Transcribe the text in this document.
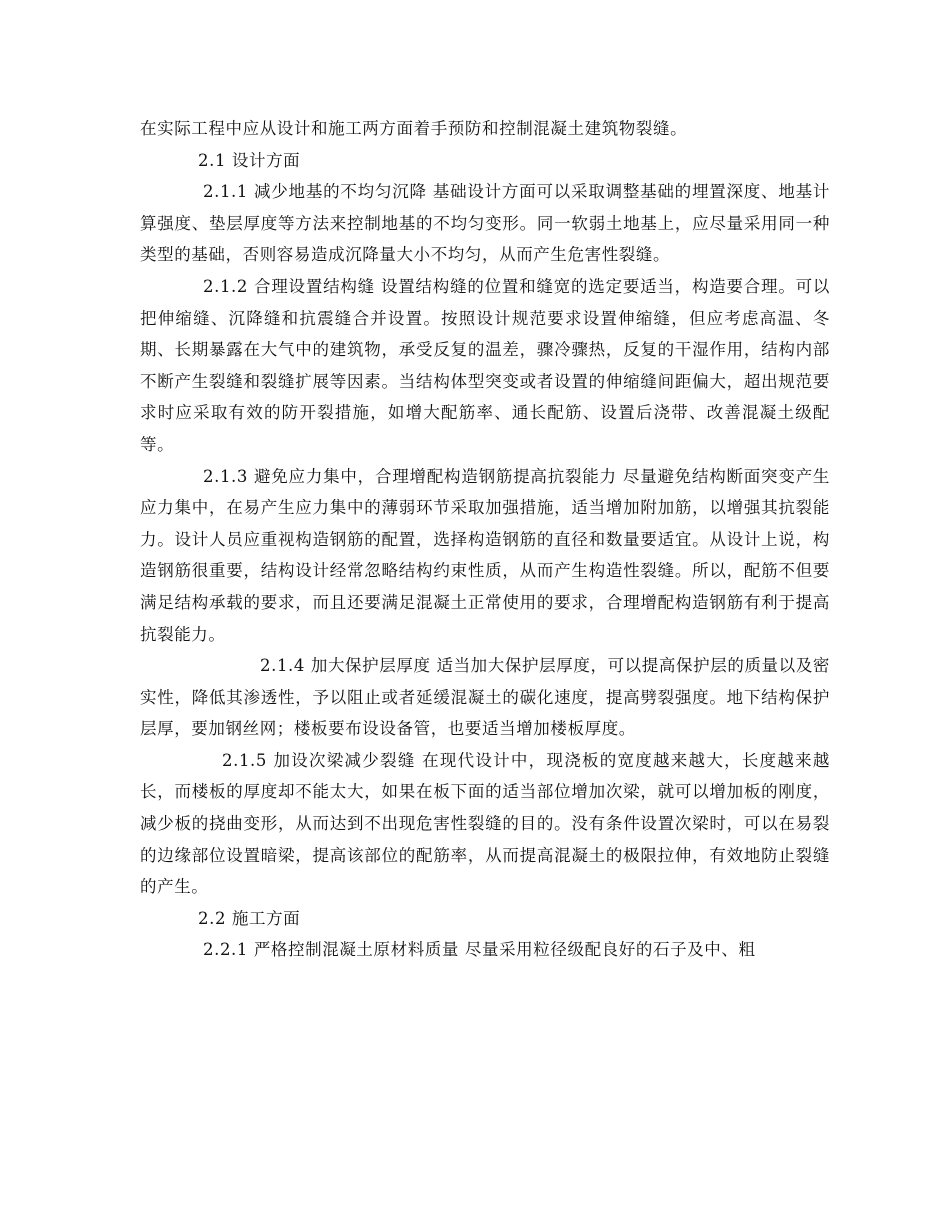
在实际工程中应从设计和施工两方面着手预防和控制混凝土建筑物裂缝。

2.1 设计方面

2.1.1 减少地基的不均匀沉降 基础设计方面可以采取调整基础的埋置深度、地基计算强度、垫层厚度等方法来控制地基的不均匀变形。同一软弱土地基上，应尽量采用同一种类型的基础，否则容易造成沉降量大小不均匀，从而产生危害性裂缝。

2.1.2 合理设置结构缝 设置结构缝的位置和缝宽的选定要适当，构造要合理。可以把伸缩缝、沉降缝和抗震缝合并设置。按照设计规范要求设置伸缩缝，但应考虑高温、冬期、长期暴露在大气中的建筑物，承受反复的温差，骤冷骤热，反复的干湿作用，结构内部不断产生裂缝和裂缝扩展等因素。当结构体型突变或者设置的伸缩缝间距偏大，超出规范要求时应采取有效的防开裂措施，如增大配筋率、通长配筋、设置后浇带、改善混凝土级配等。

2.1.3 避免应力集中，合理增配构造钢筋提高抗裂能力 尽量避免结构断面突变产生应力集中，在易产生应力集中的薄弱环节采取加强措施，适当增加附加筋，以增强其抗裂能力。设计人员应重视构造钢筋的配置，选择构造钢筋的直径和数量要适宜。从设计上说，构造钢筋很重要，结构设计经常忽略结构约束性质，从而产生构造性裂缝。所以，配筋不但要满足结构承载的要求，而且还要满足混凝土正常使用的要求，合理增配构造钢筋有利于提高抗裂能力。

2.1.4 加大保护层厚度 适当加大保护层厚度，可以提高保护层的质量以及密实性，降低其渗透性，予以阻止或者延缓混凝土的碳化速度，提高劈裂强度。地下结构保护层厚，要加钢丝网；楼板要布设设备管，也要适当增加楼板厚度。

2.1.5 加设次梁减少裂缝 在现代设计中，现浇板的宽度越来越大，长度越来越长，而楼板的厚度却不能太大，如果在板下面的适当部位增加次梁，就可以增加板的刚度，减少板的挠曲变形，从而达到不出现危害性裂缝的目的。没有条件设置次梁时，可以在易裂的边缘部位设置暗梁，提高该部位的配筋率，从而提高混凝土的极限拉伸，有效地防止裂缝的产生。

2.2 施工方面

2.2.1 严格控制混凝土原材料质量 尽量采用粒径级配良好的石子及中、粗
